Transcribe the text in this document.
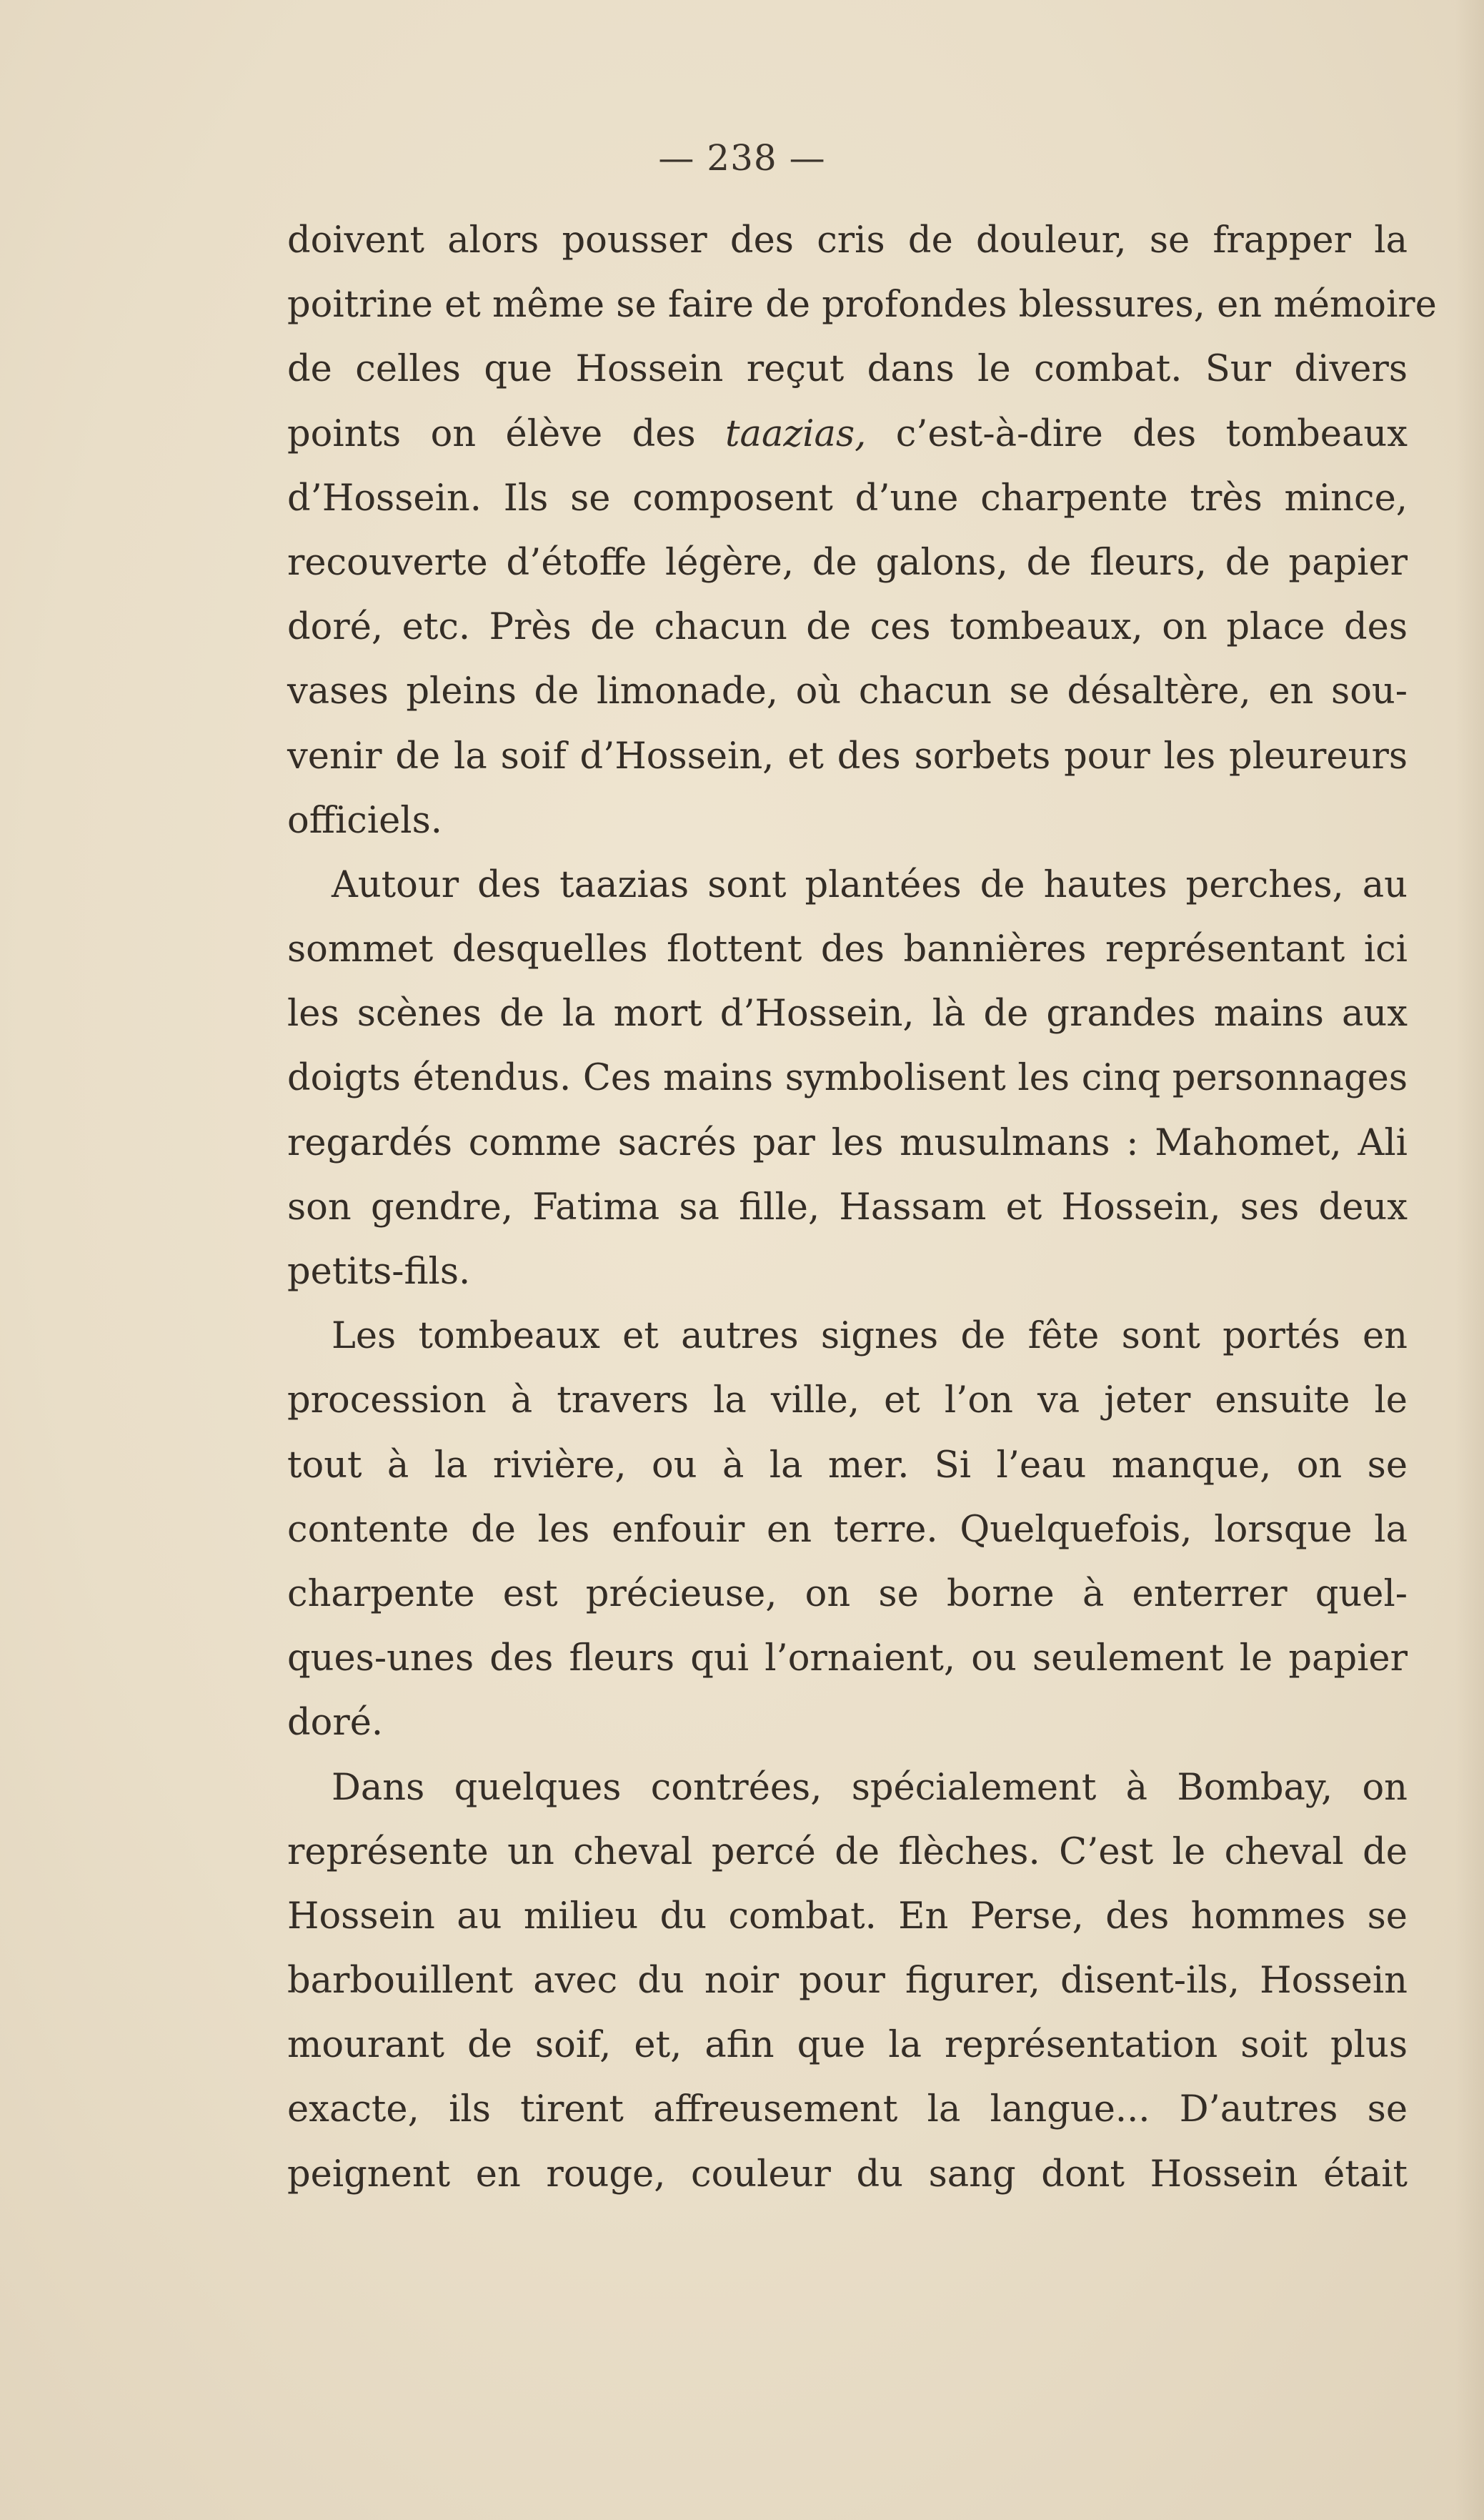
— 238 —
doivent alors pousser des cris de douleur, se frapper la
poitrine et même se faire de profondes blessures, en mémoire
de celles que Hossein reçut dans le combat. Sur divers
points on élève des taazias, c’est-à-dire des tombeaux
d’Hossein. Ils se composent d’une charpente très mince,
recouverte d’étoffe légère, de galons, de fleurs, de papier
doré, etc. Près de chacun de ces tombeaux, on place des
vases pleins de limonade, où chacun se désaltère, en sou-
venir de la soif d’Hossein, et des sorbets pour les pleureurs
officiels.
Autour des taazias sont plantées de hautes perches, au
sommet desquelles flottent des bannières représentant ici
les scènes de la mort d’Hossein, là de grandes mains aux
doigts étendus. Ces mains symbolisent les cinq personnages
regardés comme sacrés par les musulmans : Mahomet, Ali
son gendre, Fatima sa fille, Hassam et Hossein, ses deux
petits-fils.
Les tombeaux et autres signes de fête sont portés en
procession à travers la ville, et l’on va jeter ensuite le
tout à la rivière, ou à la mer. Si l’eau manque, on se
contente de les enfouir en terre. Quelquefois, lorsque la
charpente est précieuse, on se borne à enterrer quel-
ques-unes des fleurs qui l’ornaient, ou seulement le papier
doré.
Dans quelques contrées, spécialement à Bombay, on
représente un cheval percé de flèches. C’est le cheval de
Hossein au milieu du combat. En Perse, des hommes se
barbouillent avec du noir pour figurer, disent-ils, Hossein
mourant de soif, et, afin que la représentation soit plus
exacte, ils tirent affreusement la langue... D’autres se
peignent en rouge, couleur du sang dont Hossein était
